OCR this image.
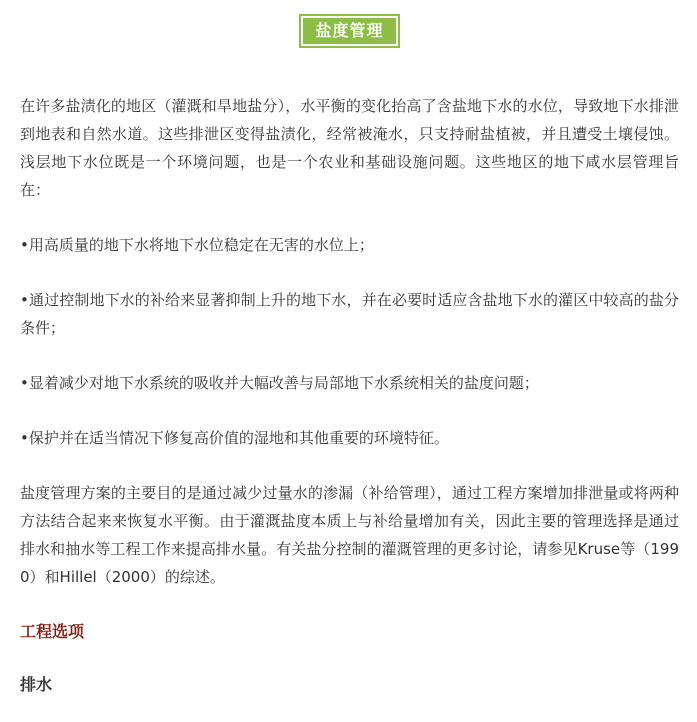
盐度管理

在许多盐渍化的地区（灌溉和旱地盐分），水平衡的变化抬高了含盐地下水的水位，导致地下水排泄到地表和自然水道。这些排泄区变得盐渍化，经常被淹水，只支持耐盐植被，并且遭受土壤侵蚀。浅层地下水位既是一个环境问题，也是一个农业和基础设施问题。这些地区的地下咸水层管理旨在：

•用高质量的地下水将地下水位稳定在无害的水位上；

•通过控制地下水的补给来显著抑制上升的地下水，并在必要时适应含盐地下水的灌区中较高的盐分条件；

•显着减少对地下水系统的吸收并大幅改善与局部地下水系统相关的盐度问题；

•保护并在适当情况下修复高价值的湿地和其他重要的环境特征。

盐度管理方案的主要目的是通过减少过量水的渗漏（补给管理），通过工程方案增加排泄量或将两种方法结合起来来恢复水平衡。由于灌溉盐度本质上与补给量增加有关，因此主要的管理选择是通过排水和抽水等工程工作来提高排水量。有关盐分控制的灌溉管理的更多讨论，请参见Kruse等（1990）和Hillel（2000）的综述。

工程选项
排水
